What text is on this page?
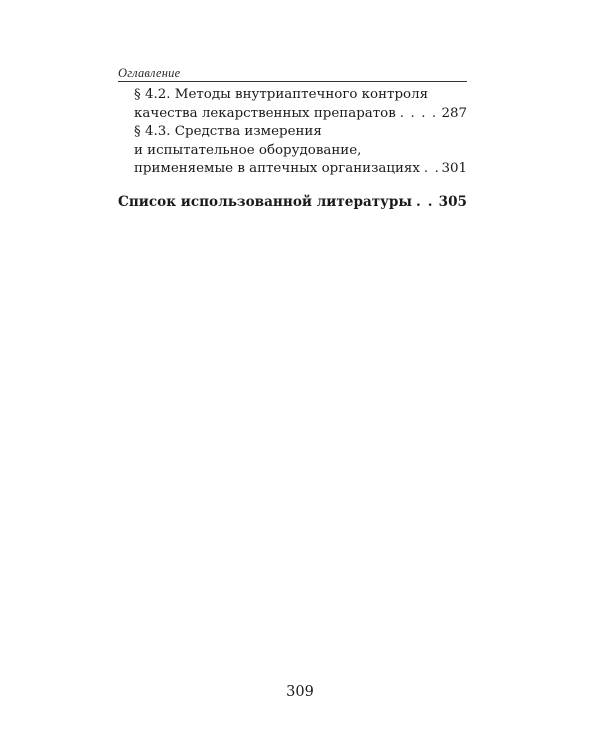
Оглавление
§ 4.2. Методы внутриаптечного контроля
качества лекарственных препаратов . . .	287
§ 4.3. Средства измерения
и испытательное оборудование,
применяемые в аптечных организациях . . . 301
Список использованной литературы . . . 305
309
